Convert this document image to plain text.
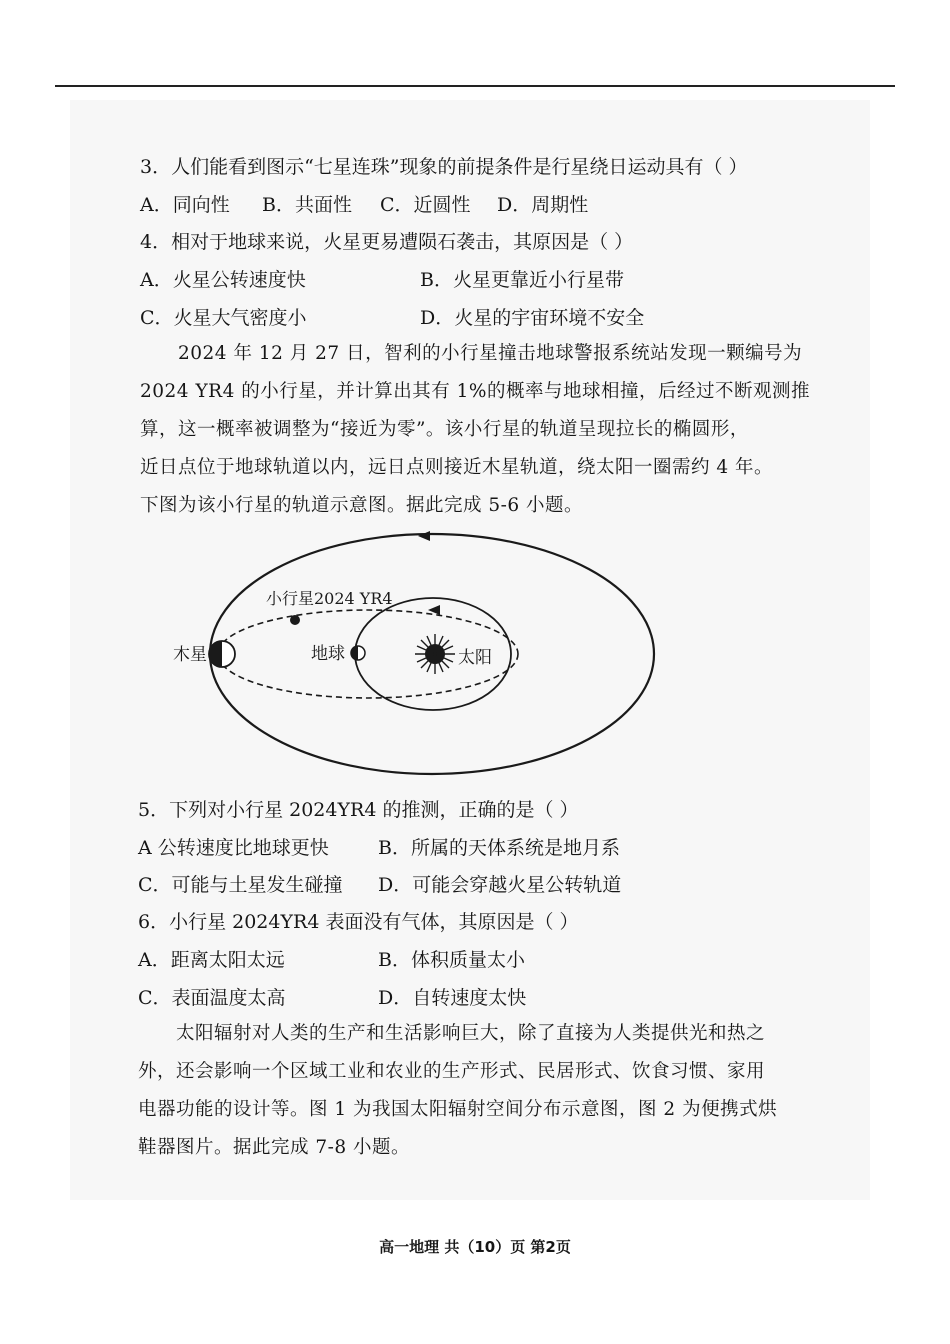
3．人们能看到图示“七星连珠”现象的前提条件是行星绕日运动具有（ ）
A．同向性 B．共面性 C．近圆性 D．周期性
4．相对于地球来说，火星更易遭陨石袭击，其原因是（ ）
A．火星公转速度快	B．火星更靠近小行星带
C．火星大气密度小	D．火星的宇宙环境不安全
　　2024 年 12 月 27 日，智利的小行星撞击地球警报系统站发现一颗编号为
2024 YR4 的小行星，并计算出其有 1%的概率与地球相撞，后经过不断观测推
算，这一概率被调整为“接近为零”。该小行星的轨道呈现拉长的椭圆形，
近日点位于地球轨道以内，远日点则接近木星轨道，绕太阳一圈需约 4 年。
下图为该小行星的轨道示意图。据此完成 5-6 小题。
木星	地球
小行星2024 YR4
太阳
5．下列对小行星 2024YR4 的推测，正确的是（ ）
A 公转速度比地球更快	B．所属的天体系统是地月系
C．可能与土星发生碰撞 D．可能会穿越火星公转轨道
6．小行星 2024YR4 表面没有气体，其原因是（ ）
A．距离太阳太远	B．体积质量太小
C．表面温度太高	D．自转速度太快
　　太阳辐射对人类的生产和生活影响巨大，除了直接为人类提供光和热之
外，还会影响一个区域工业和农业的生产形式、民居形式、饮食习惯、家用
电器功能的设计等。图 1 为我国太阳辐射空间分布示意图，图 2 为便携式烘
鞋器图片。据此完成 7-8 小题。
高一地理 共（10）页 第2页
